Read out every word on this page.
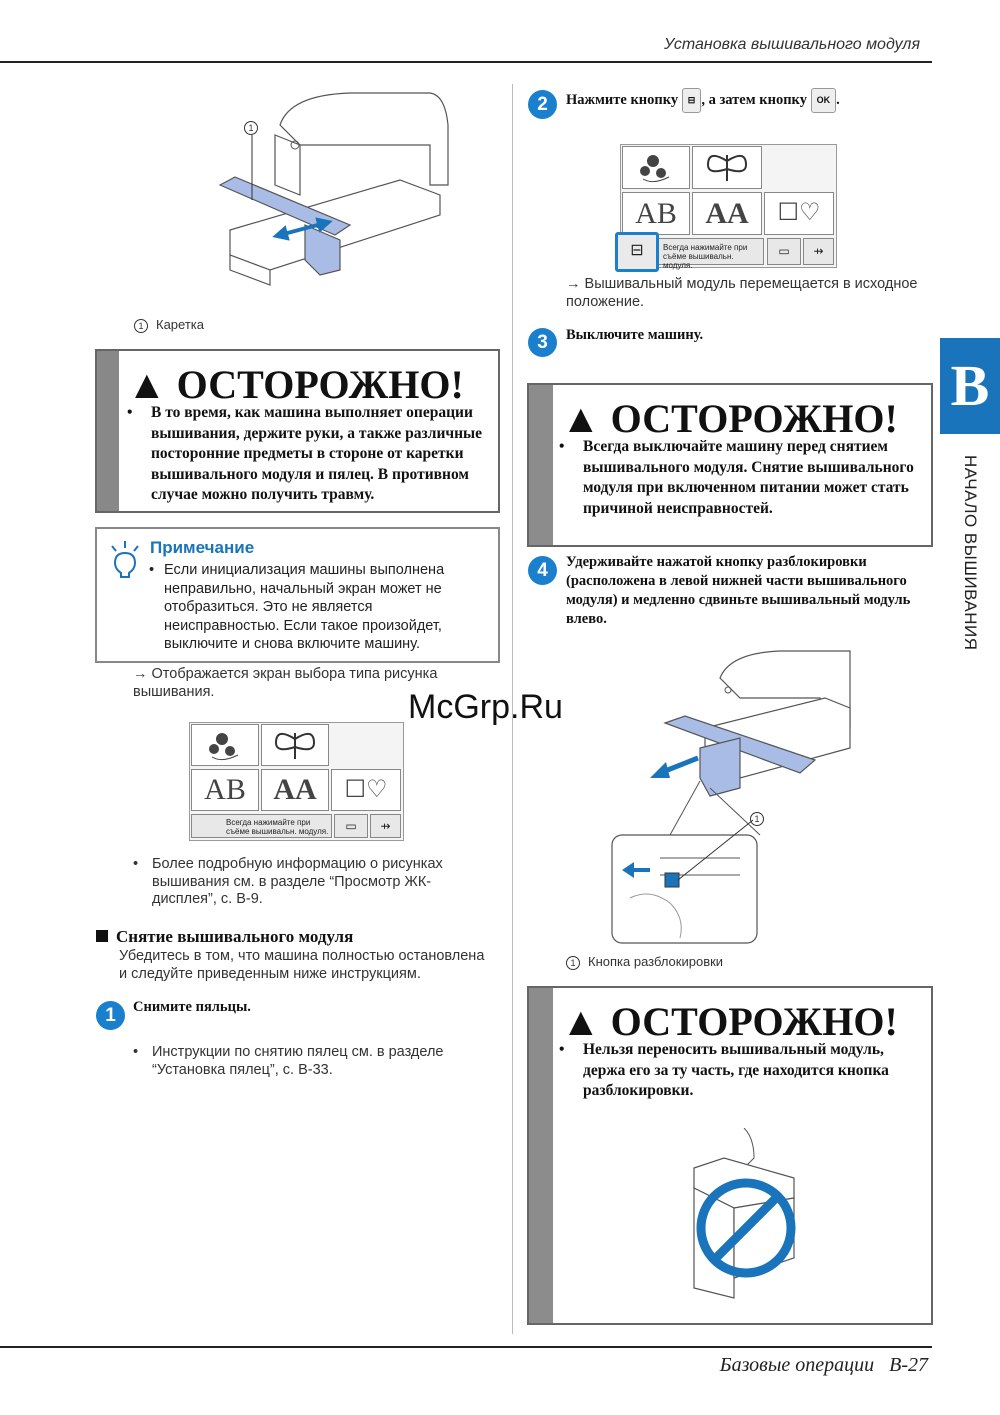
Установка вышивального модуля
Базовые операции   B-27
B
НАЧАЛО ВЫШИВАНИЯ
1
1 Каретка
▲ ОСТОРОЖНО!
• В то время, как машина выполняет операции вышивания, держите руки, а также различные посторонние предметы в стороне от каретки вышивального модуля и пялец. В противном случае можно получить травму.
Примечание
• Если инициализация машины выполнена неправильно, начальный экран может не отобразиться. Это не является неисправностью. Если такое произойдет, выключите и снова включите машину.
→ Отображается экран выбора типа рисунка вышивания.
AB AA	☐♡
Всегда нажимайте при съёме вышивальн. модуля.	▭	⇸
• Более подробную информацию о рисунках вышивания см. в разделе “Просмотр ЖК-дисплея”, с. B-9.
Снятие вышивального модуля
Убедитесь в том, что машина полностью остановлена и следуйте приведенным ниже инструкциям.
1	Снимите пяльцы.
• Инструкции по снятию пялец см. в разделе “Установка пялец”, с. B-33.
McGrp.Ru
2	Нажмите кнопку ⊟ , а затем кнопку OK .
AB AA	☐♡
Всегда нажимайте при съёме вышивальн. модуля.
⊟	▭	⇸
→ Вышивальный модуль перемещается в исходное положение.
3	Выключите машину.
▲ ОСТОРОЖНО!
• Всегда выключайте машину перед снятием вышивального модуля. Снятие вышивального модуля при включенном питании может стать причиной неисправностей.
4	Удерживайте нажатой кнопку разблокировки (расположена в левой нижней части вышивального модуля) и медленно сдвиньте вышивальный модуль влево.
1
1 Кнопка разблокировки
▲ ОСТОРОЖНО!
• Нельзя переносить вышивальный модуль, держа его за ту часть, где находится кнопка разблокировки.
